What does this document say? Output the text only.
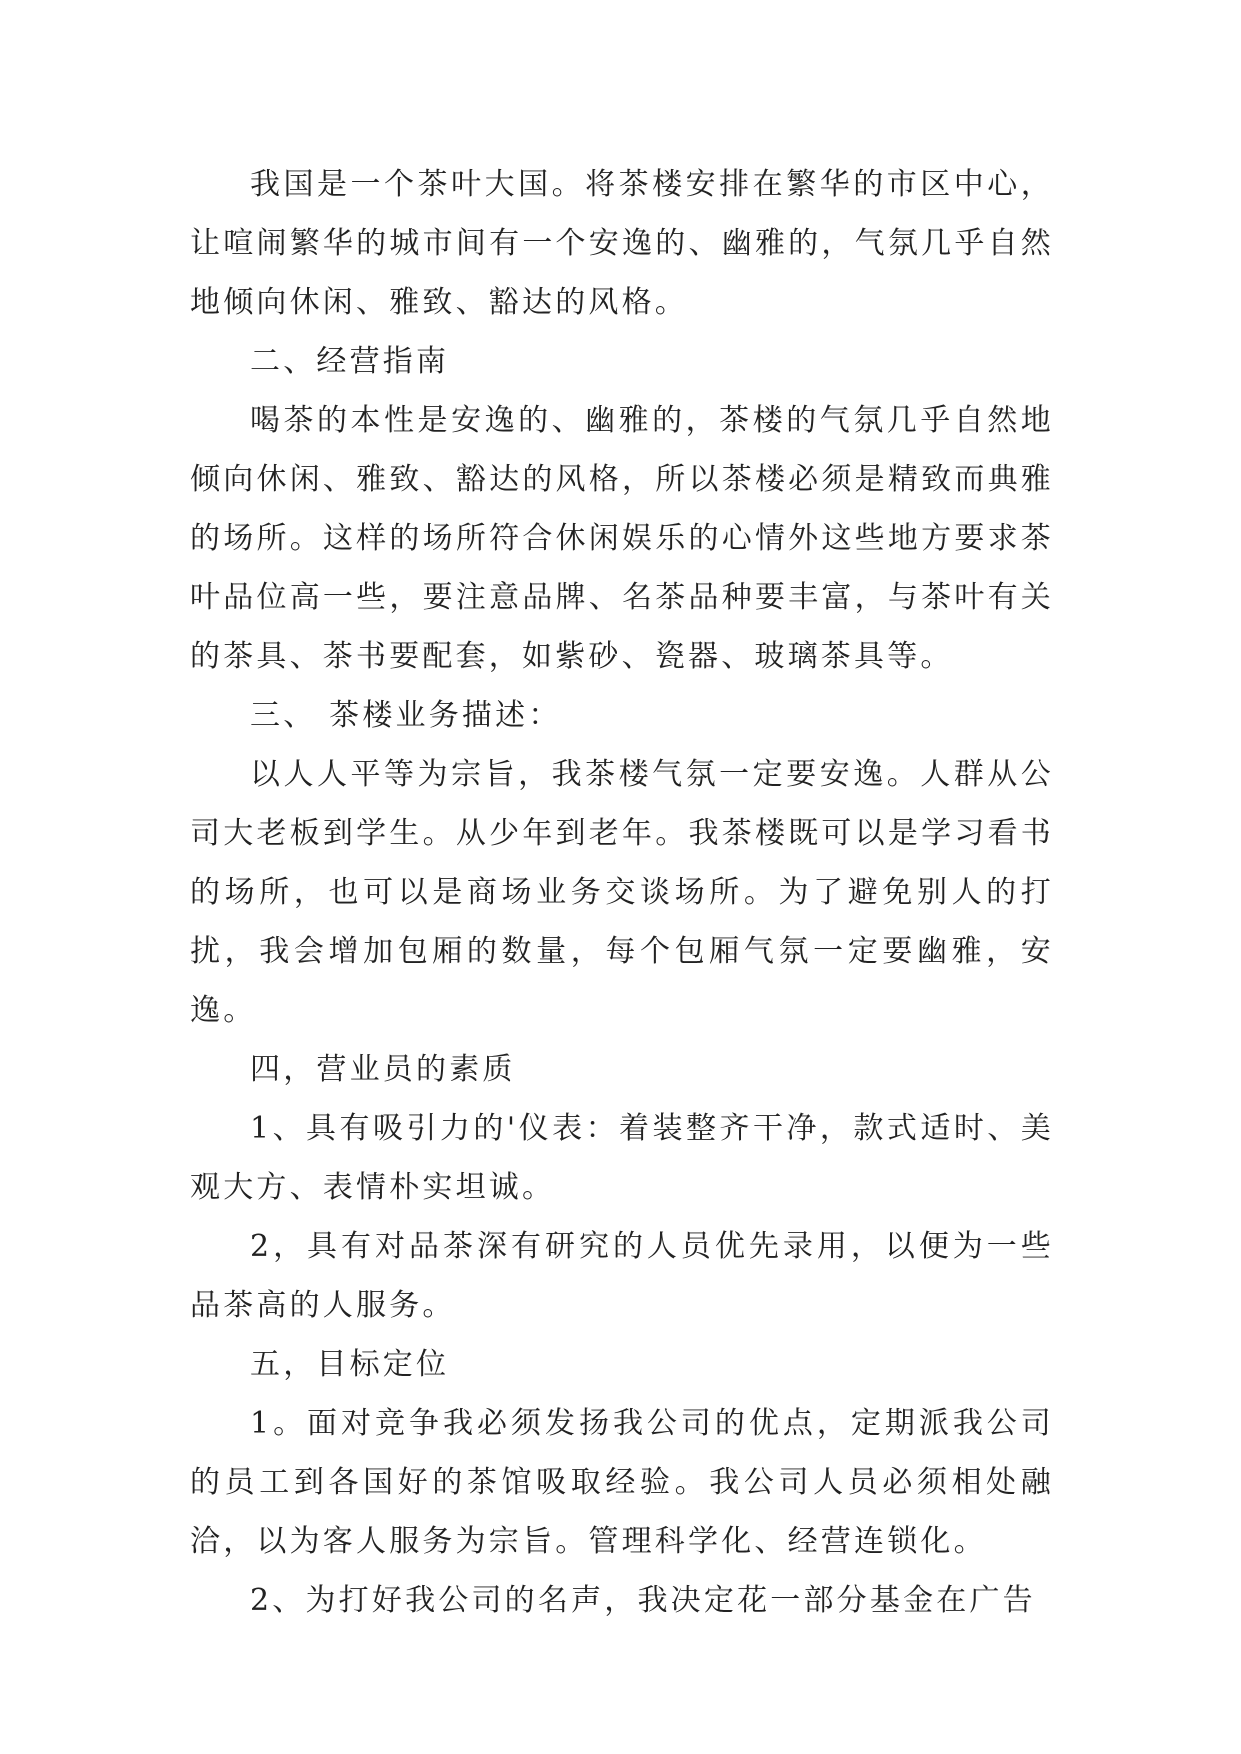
我国是一个茶叶大国。将茶楼安排在繁华的市区中心，让喧闹繁华的城市间有一个安逸的、幽雅的，气氛几乎自然地倾向休闲、雅致、豁达的风格。

二、经营指南

喝茶的本性是安逸的、幽雅的，茶楼的气氛几乎自然地倾向休闲、雅致、豁达的风格，所以茶楼必须是精致而典雅的场所。这样的场所符合休闲娱乐的心情外这些地方要求茶叶品位高一些，要注意品牌、名茶品种要丰富，与茶叶有关的茶具、茶书要配套，如紫砂、瓷器、玻璃茶具等。

三、 茶楼业务描述：

以人人平等为宗旨，我茶楼气氛一定要安逸。人群从公司大老板到学生。从少年到老年。我茶楼既可以是学习看书的场所，也可以是商场业务交谈场所。为了避免别人的打扰，我会增加包厢的数量，每个包厢气氛一定要幽雅，安逸。

四，营业员的素质

1、具有吸引力的'仪表：着装整齐干净，款式适时、美观大方、表情朴实坦诚。

2，具有对品茶深有研究的人员优先录用，以便为一些品茶高的人服务。

五，目标定位

1。面对竞争我必须发扬我公司的优点，定期派我公司的员工到各国好的茶馆吸取经验。我公司人员必须相处融洽，以为客人服务为宗旨。管理科学化、经营连锁化。

2、为打好我公司的名声，我决定花一部分基金在广告
